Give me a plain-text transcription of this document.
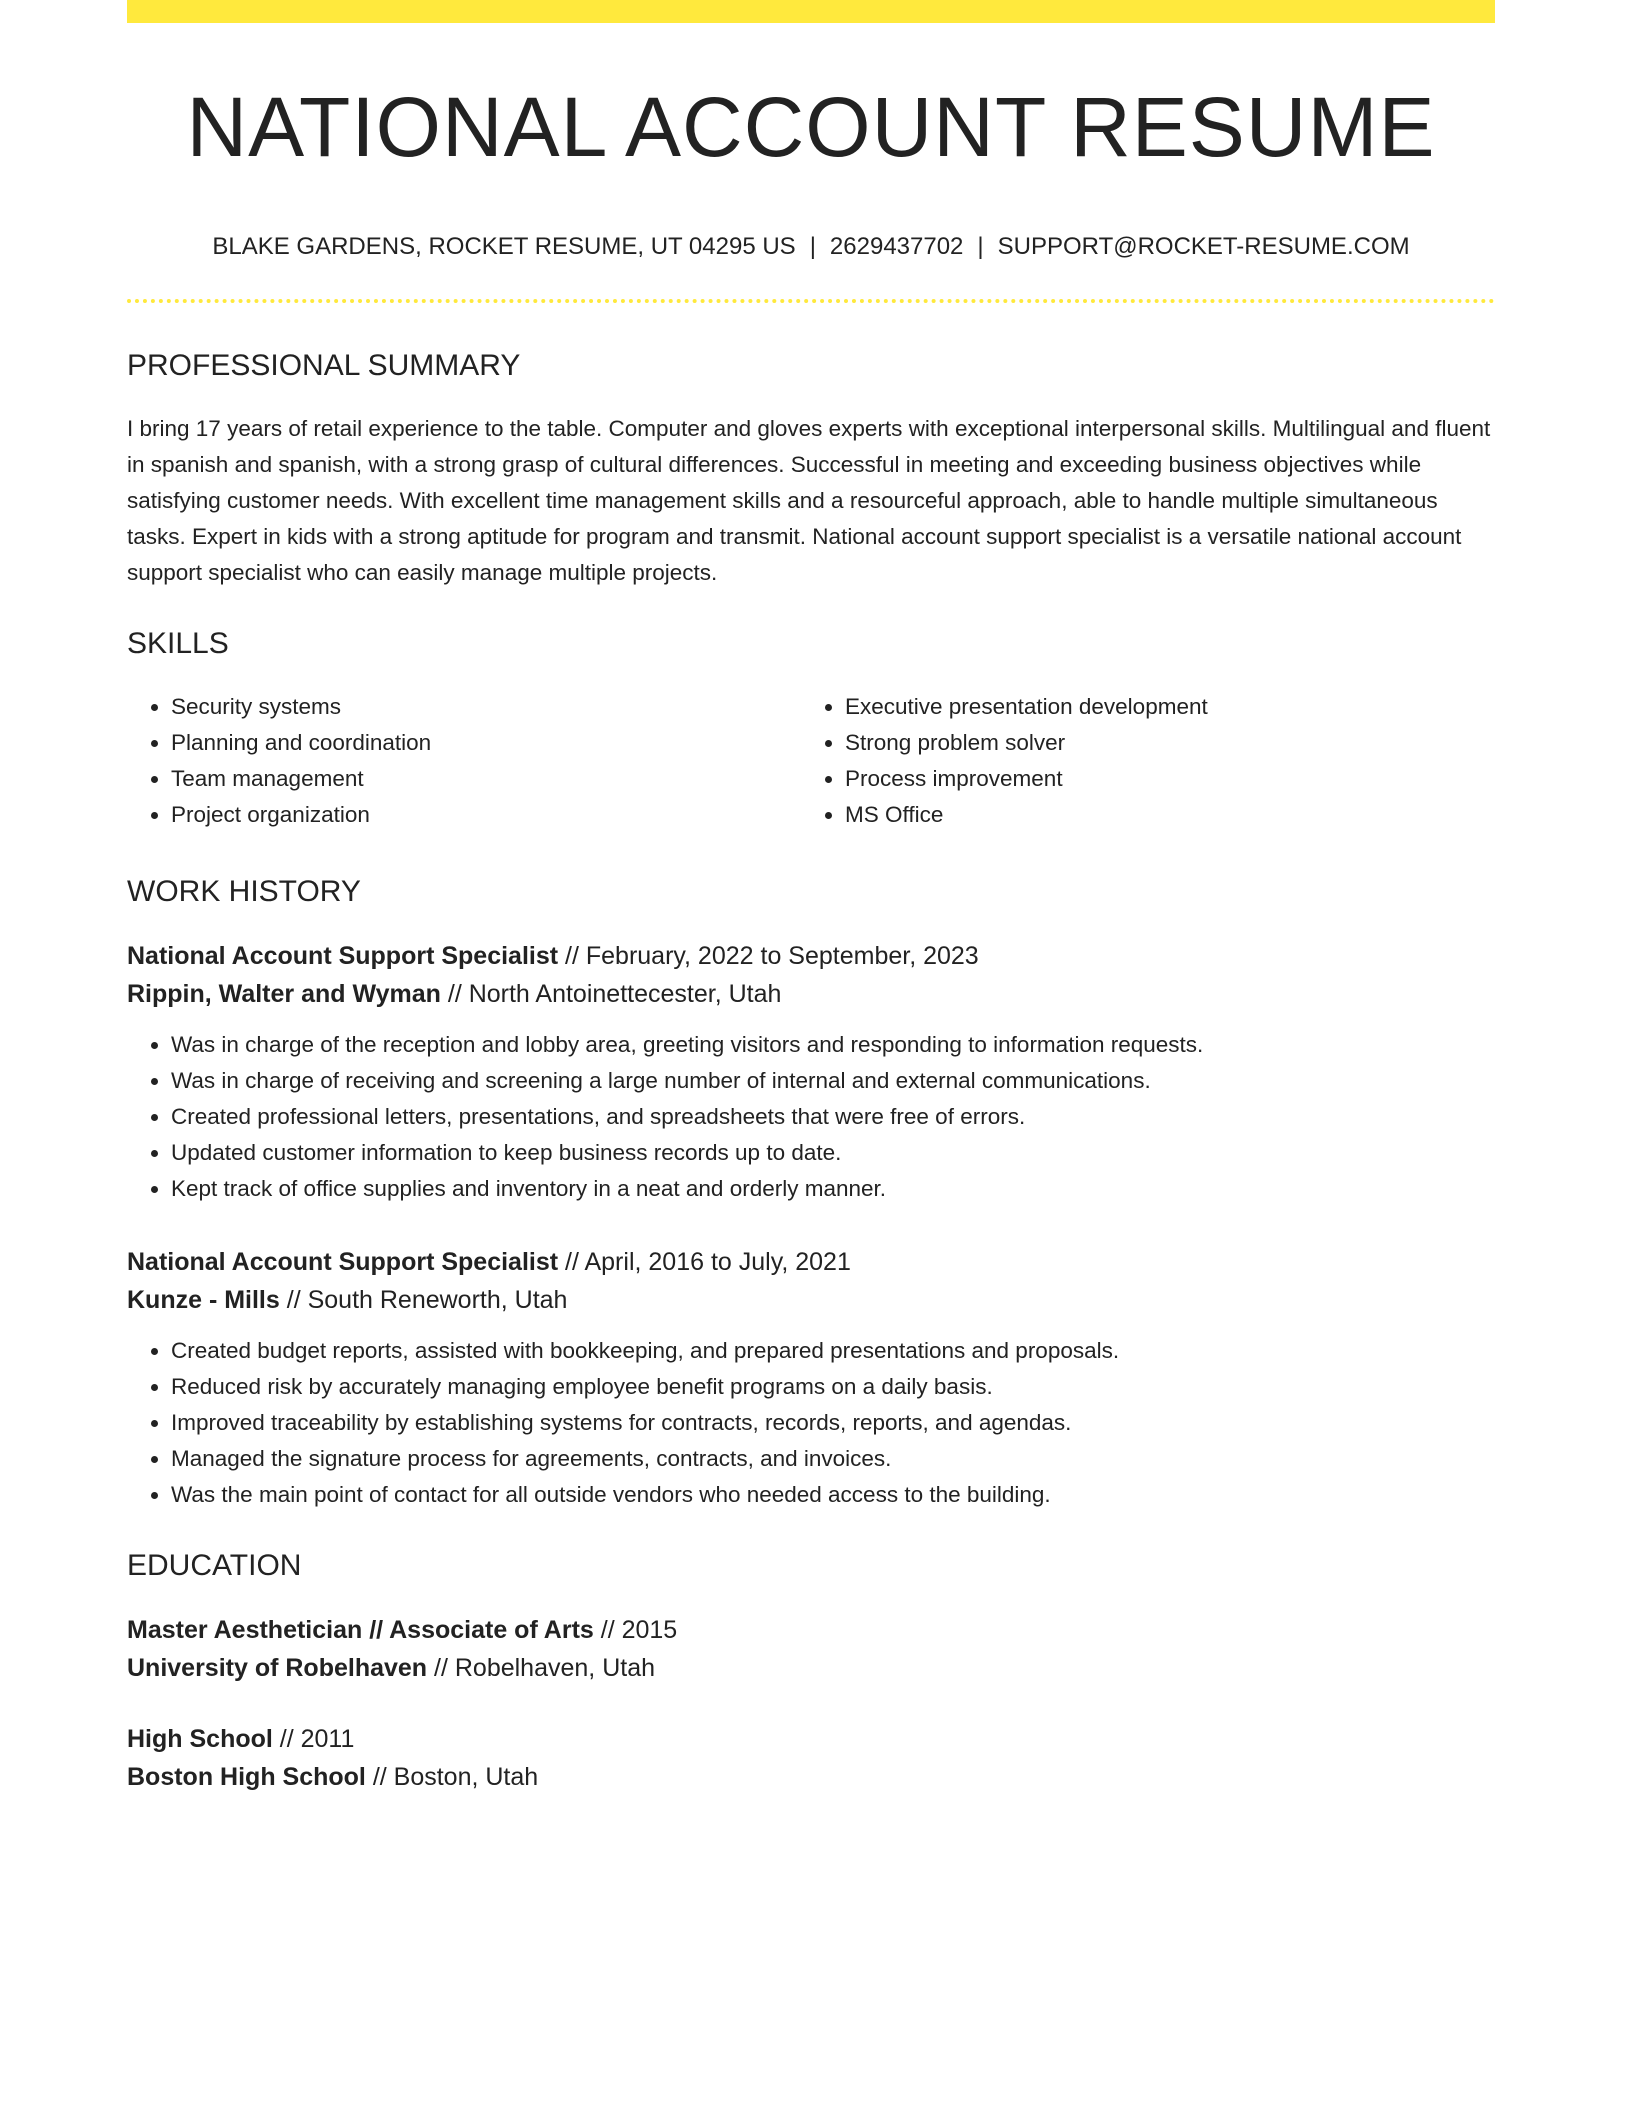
NATIONAL ACCOUNT RESUME
BLAKE GARDENS, ROCKET RESUME, UT 04295 US | 2629437702 | SUPPORT@ROCKET-RESUME.COM
PROFESSIONAL SUMMARY

I bring 17 years of retail experience to the table. Computer and gloves experts with exceptional interpersonal skills. Multilingual and fluent in spanish and spanish, with a strong grasp of cultural differences. Successful in meeting and exceeding business objectives while satisfying customer needs. With excellent time management skills and a resourceful approach, able to handle multiple simultaneous tasks. Expert in kids with a strong aptitude for program and transmit. National account support specialist is a versatile national account support specialist who can easily manage multiple projects.

SKILLS
• Security systems
• Planning and coordination
• Team management
• Project organization
• Executive presentation development
• Strong problem solver
• Process improvement
• MS Office
WORK HISTORY

National Account Support Specialist // February, 2022 to September, 2023

Rippin, Walter and Wyman // North Antoinettecester, Utah

• Was in charge of the reception and lobby area, greeting visitors and responding to information requests.
• Was in charge of receiving and screening a large number of internal and external communications.
• Created professional letters, presentations, and spreadsheets that were free of errors.
• Updated customer information to keep business records up to date.
• Kept track of office supplies and inventory in a neat and orderly manner.

National Account Support Specialist // April, 2016 to July, 2021

Kunze - Mills // South Reneworth, Utah

• Created budget reports, assisted with bookkeeping, and prepared presentations and proposals.
• Reduced risk by accurately managing employee benefit programs on a daily basis.
• Improved traceability by establishing systems for contracts, records, reports, and agendas.
• Managed the signature process for agreements, contracts, and invoices.
• Was the main point of contact for all outside vendors who needed access to the building.
EDUCATION

Master Aesthetician // Associate of Arts // 2015

University of Robelhaven // Robelhaven, Utah

High School // 2011

Boston High School // Boston, Utah
